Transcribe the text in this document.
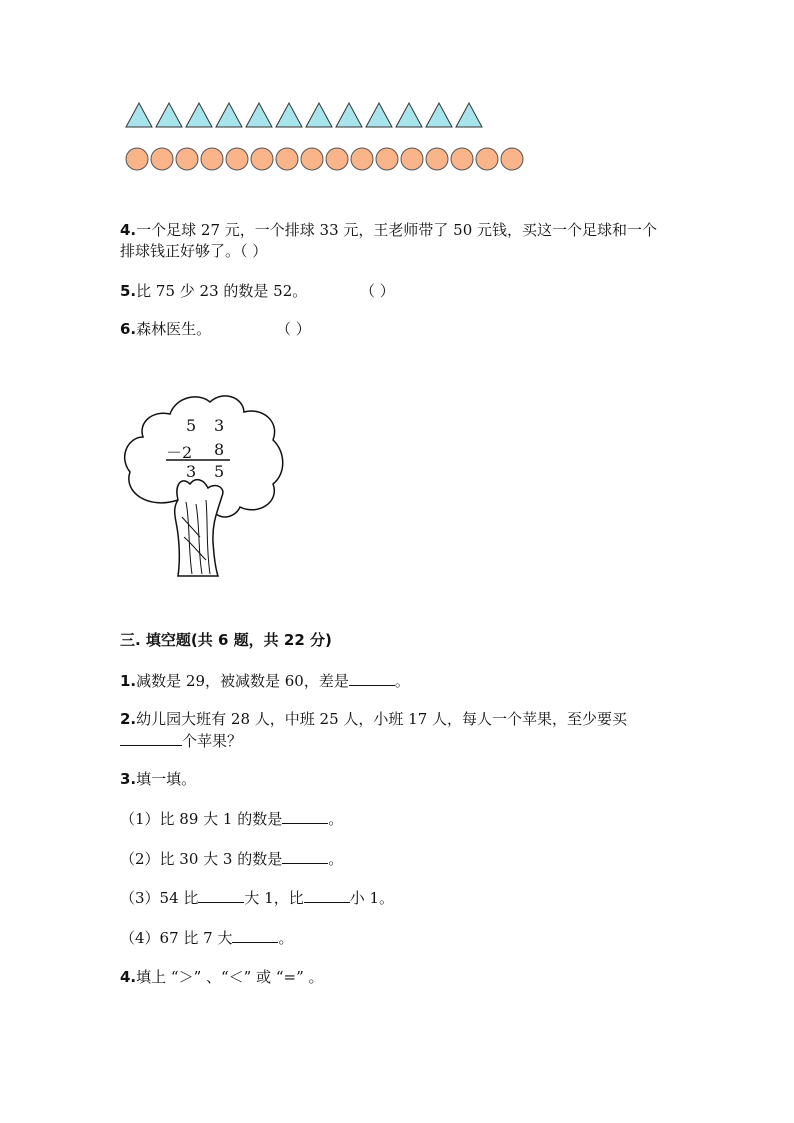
4.一个足球 27 元，一个排球 33 元，王老师带了 50 元钱，买这一个足球和一个
排球钱正好够了。（ ）
5.比 75 少 23 的数是 52。	（ ）
6.森林医生。	（ ）
5 3
－2 8
3 5
三. 填空题(共 6 题，共 22 分)
1.减数是 29，被减数是 60，差是	。
2.幼儿园大班有 28 人，中班 25 人，小班 17 人，每人一个苹果，至少要买
个苹果？
3.填一填。
（1）比 89 大 1 的数是	。
（2）比 30 大 3 的数是	。
（3）54 比	大 1，比	小 1。
（4）67 比 7 大	。
4.填上 “＞” 、“＜” 或 “=” 。
